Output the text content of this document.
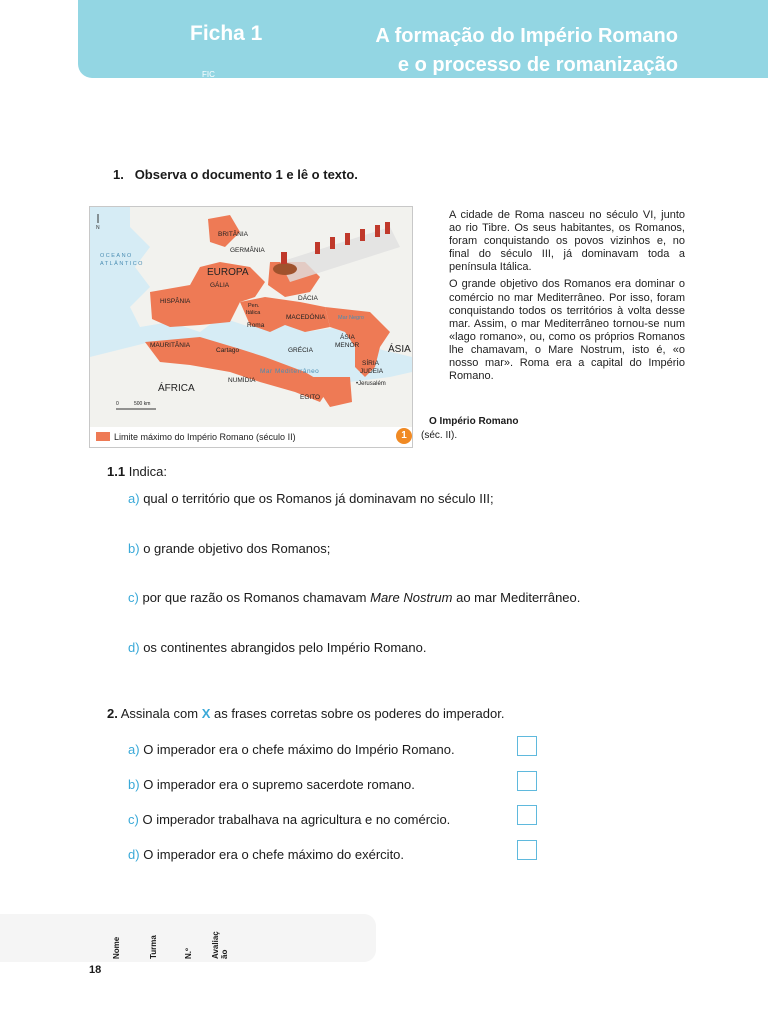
Ficha 1	A formação do Império Romano
e o processo de romanização
FIC
1. Observa o documento 1 e lê o texto.
N
BRITÂNIA
GERMÂNIA
OCEANO
ATLÂNTICO
EUROPA
GÁLIA
HISPÂNIA
Pen.
Itálica
DÁCIA
Mar Negro
MACEDÓNIA
Roma
ÁSIA
MENOR	ÁSIA
MAURITÂNIA
Cartago	GRÉCIA
SÍRIA
JUDEIA
•Jerusalém
Mar Mediterrâneo
NUMÍDIA
ÁFRICA
EGITO
0	500 km
Limite máximo do Império Romano (século II)	1

A cidade de Roma nasceu no século VI, junto ao rio Tibre. Os seus habitantes, os Romanos, foram conquistando os povos vizinhos e, no final do século III, já dominavam toda a península Itálica.

O grande objetivo dos Romanos era dominar o comércio no mar Mediterrâneo. Por isso, foram conquistando todos os territórios à volta desse mar. Assim, o mar Mediterrâneo tornou-se num «lago romano», ou, como os próprios Romanos lhe chamavam, o Mare Nostrum, isto é, «o nosso mar». Roma era a capital do Império Romano.

O Império Romano
(séc. II).
1.1 Indica:
a) qual o território que os Romanos já dominavam no século III;
b) o grande objetivo dos Romanos;
c) por que razão os Romanos chamavam Mare Nostrum ao mar Mediterrâneo.
d) os continentes abrangidos pelo Império Romano.
2. Assinala com X as frases corretas sobre os poderes do imperador.
a) O imperador era o chefe máximo do Império Romano.
b) O imperador era o supremo sacerdote romano.
c) O imperador trabalhava na agricultura e no comércio.
d) O imperador era o chefe máximo do exército.
Nome	Turma	N.º	Avaliação
18
